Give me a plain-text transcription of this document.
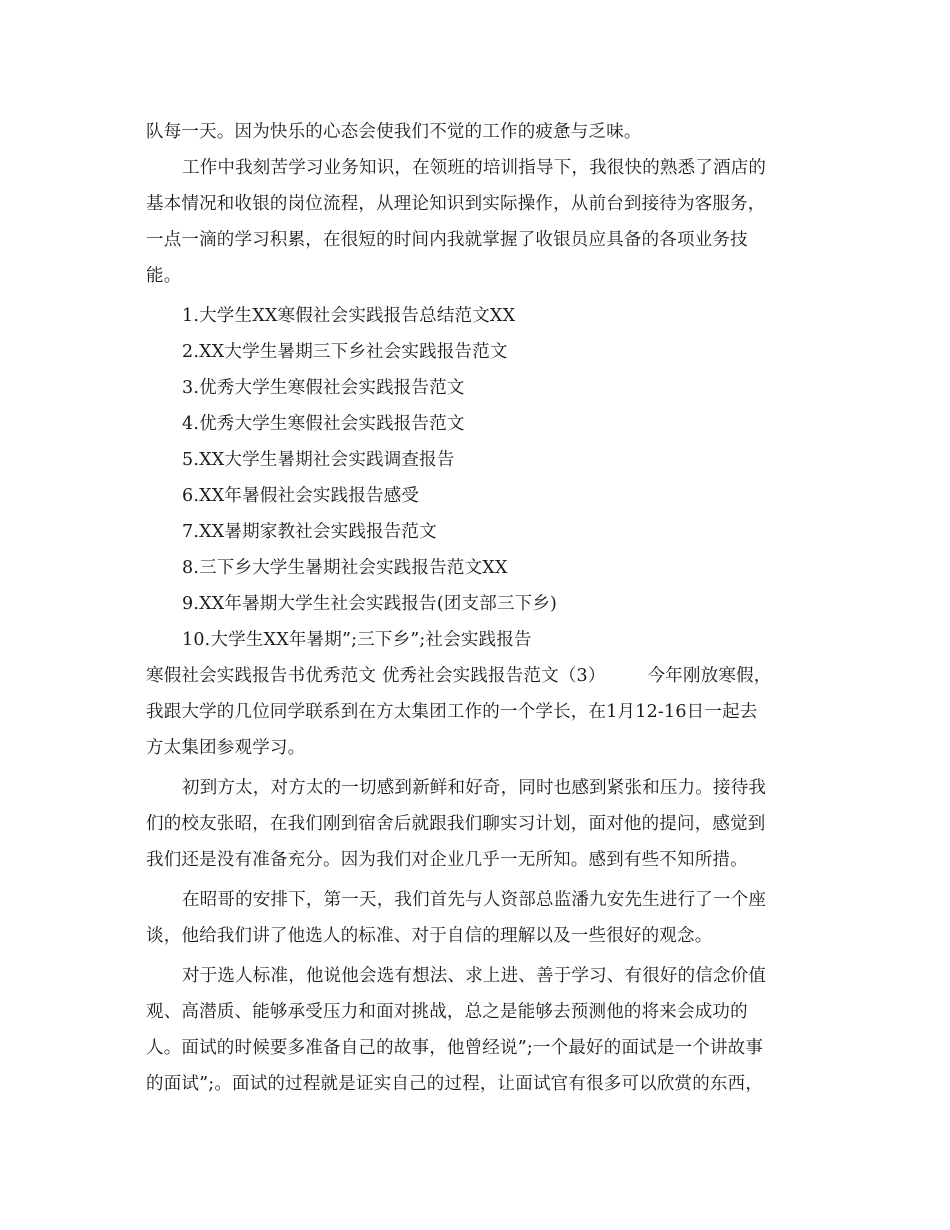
队每一天。因为快乐的心态会使我们不觉的工作的疲惫与乏味。
工作中我刻苦学习业务知识，在领班的培训指导下，我很快的熟悉了酒店的
基本情况和收银的岗位流程，从理论知识到实际操作，从前台到接待为客服务，
一点一滴的学习积累，在很短的时间内我就掌握了收银员应具备的各项业务技
能。
1.大学生XX寒假社会实践报告总结范文XX
2.XX大学生暑期三下乡社会实践报告范文
3.优秀大学生寒假社会实践报告范文
4.优秀大学生寒假社会实践报告范文
5.XX大学生暑期社会实践调查报告
6.XX年暑假社会实践报告感受
7.XX暑期家教社会实践报告范文
8.三下乡大学生暑期社会实践报告范文XX
9.XX年暑期大学生社会实践报告(团支部三下乡)
10.大学生XX年暑期”;三下乡”;社会实践报告
寒假社会实践报告书优秀范文 优秀社会实践报告范文（3） 今年刚放寒假，
我跟大学的几位同学联系到在方太集团工作的一个学长，在1月12-16日一起去
方太集团参观学习。
初到方太，对方太的一切感到新鲜和好奇，同时也感到紧张和压力。接待我
们的校友张昭，在我们刚到宿舍后就跟我们聊实习计划，面对他的提问，感觉到
我们还是没有准备充分。因为我们对企业几乎一无所知。感到有些不知所措。
在昭哥的安排下，第一天，我们首先与人资部总监潘九安先生进行了一个座
谈，他给我们讲了他选人的标准、对于自信的理解以及一些很好的观念。
对于选人标准，他说他会选有想法、求上进、善于学习、有很好的信念价值
观、高潜质、能够承受压力和面对挑战，总之是能够去预测他的将来会成功的
人。面试的时候要多准备自己的故事，他曾经说”;一个最好的面试是一个讲故事
的面试”;。面试的过程就是证实自己的过程，让面试官有很多可以欣赏的东西，
